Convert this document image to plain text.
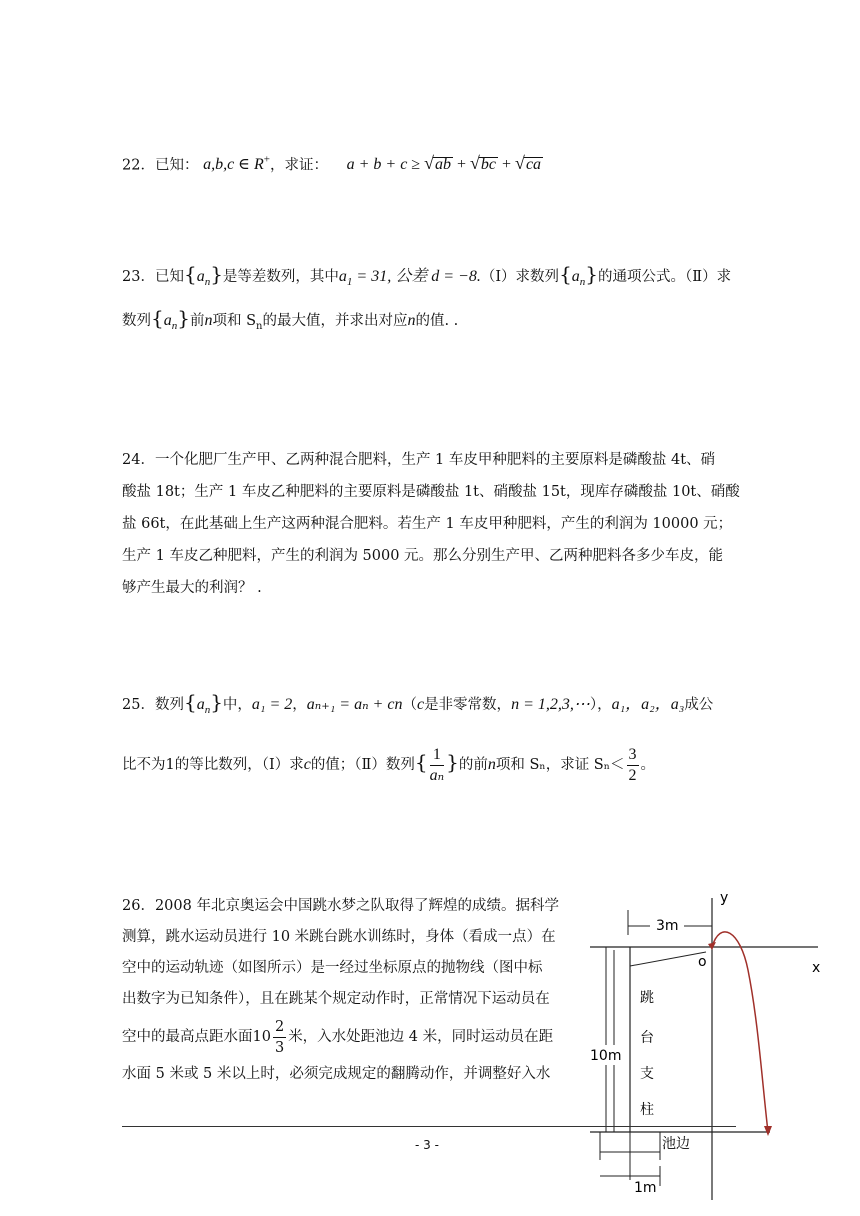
22．已知： a,b,c ∈ R+，求证： a + b + c ≥ √ab + √bc + √ca
23．已知$\{a_n\}$是等差数列，其中$a_1 = 31$, 公差 d = −8.（Ⅰ）求数列$\{a_n\}$的通项公式。（Ⅱ）求
数列$\{a_n\}$前n项和 $S_n$的最大值，并求出对应n的值. .
24．一个化肥厂生产甲、乙两种混合肥料，生产 1 车皮甲种肥料的主要原料是磷酸盐 4t、硝
酸盐 18t；生产 1 车皮乙种肥料的主要原料是磷酸盐 1t、硝酸盐 15t，现库存磷酸盐 10t、硝酸
盐 66t，在此基础上生产这两种混合肥料。若生产 1 车皮甲种肥料，产生的利润为 10000 元；
生产 1 车皮乙种肥料，产生的利润为 5000 元。那么分别生产甲、乙两种肥料各多少车皮，能
够产生最大的利润？ .
25．数列$\{a_n\}$中，a₁ = 2，aₙ₊₁ = aₙ + cn（c是非零常数，n = 1,2,3,⋯），a₁，a₂，a₃成公
比不为1的等比数列，（Ⅰ）求c的值；（Ⅱ）数列{ $\frac{1}{\text{aₙ}}$ }的前n项和 Sₙ，求证 $S_n< \frac{3}{2}$ 。
26．2008 年北京奥运会中国跳水梦之队取得了辉煌的成绩。据科学
测算，跳水运动员进行 10 米跳台跳水训练时，身体（看成一点）在
空中的运动轨迹（如图所示）是一经过坐标原点的抛物线（图中标
出数字为已知条件），且在跳某个规定动作时，正常情况下运动员在
空中的最高点距水面$10 \frac{2}{3}$ 米，入水处距池边 4 米，同时运动员在距
水面 5 米或 5 米以上时，必须完成规定的翻腾动作，并调整好入水
y
x
o
3m
跳
台
支
柱
10m
池边
1m
- 3 -
